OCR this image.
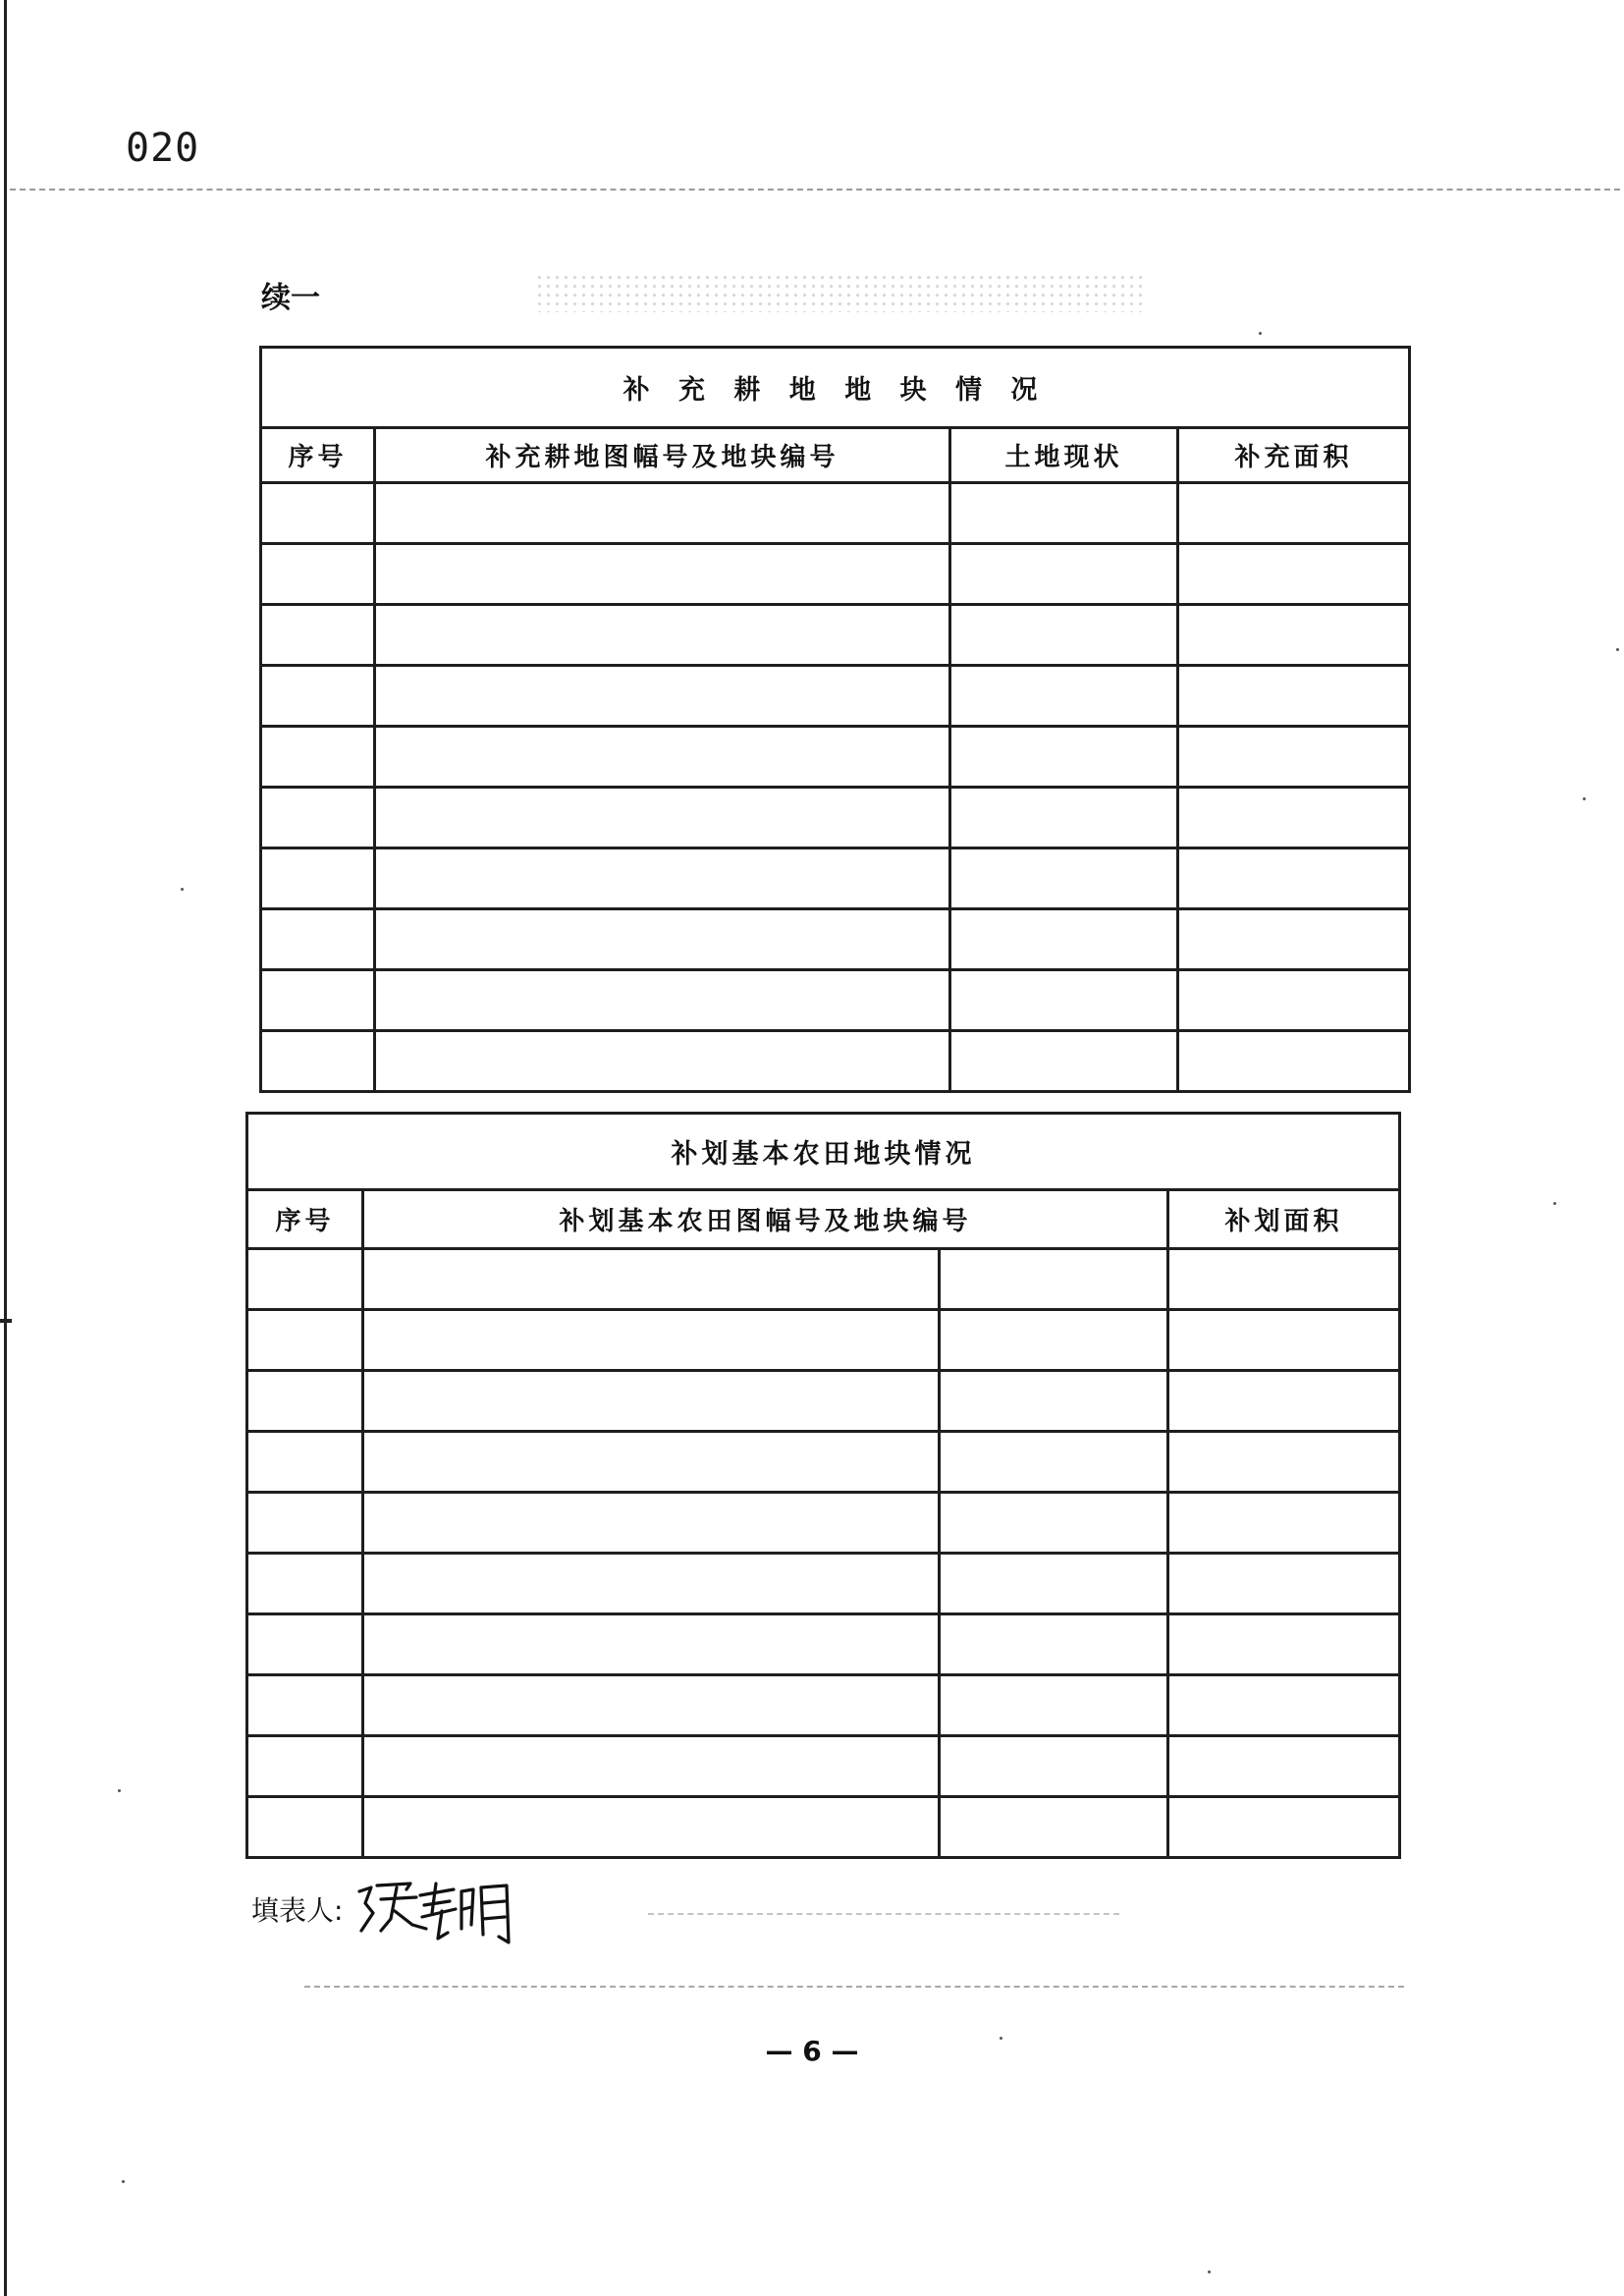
020
续一
补 充 耕 地 地 块 情 况			
序号	补充耕地图幅号及地块编号	土地现状	补充面积

补划基本农田地块情况			
序号	补划基本农田图幅号及地块编号		补划面积

填表人:
— 6 —
